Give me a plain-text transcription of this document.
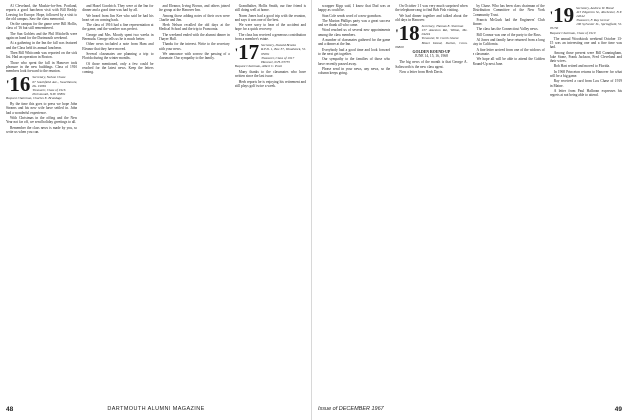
Al Cleveland, the Muskie-for-Sen. Portland, reports a good luncheon visit with Bill Reddy. Leaving for Europe. Hope, followed by a visit to the old campus. Saw the class memorial.

On the campus for the game were Bill Hollis, class of '16 but still remembered.

The Sun Goblets and the Phil Mitchells were again on hand for the Dartmouth weekend.

At a gathering in the Inn the fall was featured and the Class held its annual luncheon.

Then Bill Whitcomb was reported on the sick list. Had an operation in Boston.

Those who spent the fall in Hanover took pleasure in the new buildings. Class of 1916 members look forward to the reunion.

'16 Secretary, Nelson Chase
67 Southfield Ave., Swarthmore, Pa. 19081
Treasurer, Class of 1916
Portsmouth, N.H. 03801
Bequest Chairman, Charles E. Brundage

By the time this goes to press we hope John Stearns and his new wife have settled in. John had a wonderful experience.

With Christmas in the offing and the New Year not far off, we send holiday greetings to all.

Remember the class news is made by you, so write us when you can.

and Hazel Goodrich. They were at the Inn for dinner and a good time was had by all.

We heard from Jim Kee who said he had his heart set on coming back.

The class of 1916 had a fine representation at the game, and the weather was perfect.

George and Mrs. Moody spent two weeks in Bermuda. George tells us he is much better.

Other news included a note from Ham and Eleanor that they have moved.

Several classmates are planning a trip to Florida during the winter months.

Of those mentioned, only a few could be reached for the latest news. Keep the letters coming.

and Eleanor, Irving Brown, and others joined the group at the Hanover Inn.

Among those adding notes of their own were Charlie and Jim.

Herb Nelson recalled the old days at the Medical School and the trip to Franconia.

The weekend ended with the alumni dinner in Thayer Hall.

Thanks for the interest. Write to the secretary with your news.

We announce with sorrow the passing of a classmate. Our sympathy to the family.

Grandfather, Hollis Smith, our fine friend is still doing well at home.

Norm Jones had a good trip with the reunion, and says it was one of the best.

We were sorry to hear of the accident and hope for a quick recovery.

The class has received a generous contribution from a member's estate.

'17 Secretary, Donald Brooks
R.F.D. 1, Box 37, Woodstock, Vt. 05091
Treasurer, Class of 1917
Hanover, N.H. 03755
Bequest Chairman, Albert C. Pratt

Many thanks to the classmates who have written since the last issue.

Herb reports he is enjoying his retirement and still plays golf twice a week.

scrapper Kipp said, I know that Dad was as happy as could be.

Stan Cole sends word of a new grandson.

The Marion Phillips party was a great success and we thank all who came.

Word reached us of several new appointments among the class members.

A number of classmates gathered for the game and a dinner at the Inn.

Everybody had a good time and look forward to the next get together.

Our sympathy to the families of those who have recently passed away.

Please send in your news, any news, so the column keeps going.

On October 1 I was very much surprised when the telephone rang to find Bob Fish visiting.

We had dinner together and talked about the old days in Hanover.

'18 Secretary, Thomas E. Sherman
137 Ameston Rd., Wilton, Me. 04294
Treasurer, W. Curtis Gleese
Bisset Island, Darien, Conn. 06820
GOLDEN ROUND-UP
JUNE 14, 15, 16, 1968

The big news of the month is that George A. Saltsworth is the new class agent.

Now a letter from Herb Davis.

by Chase. Who has been class chairman of the Distribution Committee of the New York Community Trust.

Francis McGurk had the Engineers' Club dinner.

The class has the Connecticut Valley news.

Bill Connor was one of the party to the Ross.

Al Jones and family have returned from a long stay in California.

A fine letter arrived from one of the widows of a classmate.

We hope all will be able to attend the Golden Round-Up next June.

'19 Secretary, Andrew W. Hand
415 Edgerton St., Rochester, N.Y. 14644
Treasurer, F. Ray Grover
106 Sylvester St., Springfield, Vt. 05156
Bequest Chairman, Class of 1919

The annual Woodstock weekend October 13-15 was an interesting one and a fine time was had.

Among those present were Bill Cunningham, Jake Stone, Frank Jackson, Fred Cleveland and their wives.

Bob Hart retired and moved to Florida.

In 1968 Princeton returns to Hanover for what will be a big game.

Ray received a card from Lou Chase of 1919 in Maine.

A letter from Paul Halloran expresses his regrets at not being able to attend.

48	DARTMOUTH ALUMNI MAGAZINE	Issue of DECEMBER 1967	49
